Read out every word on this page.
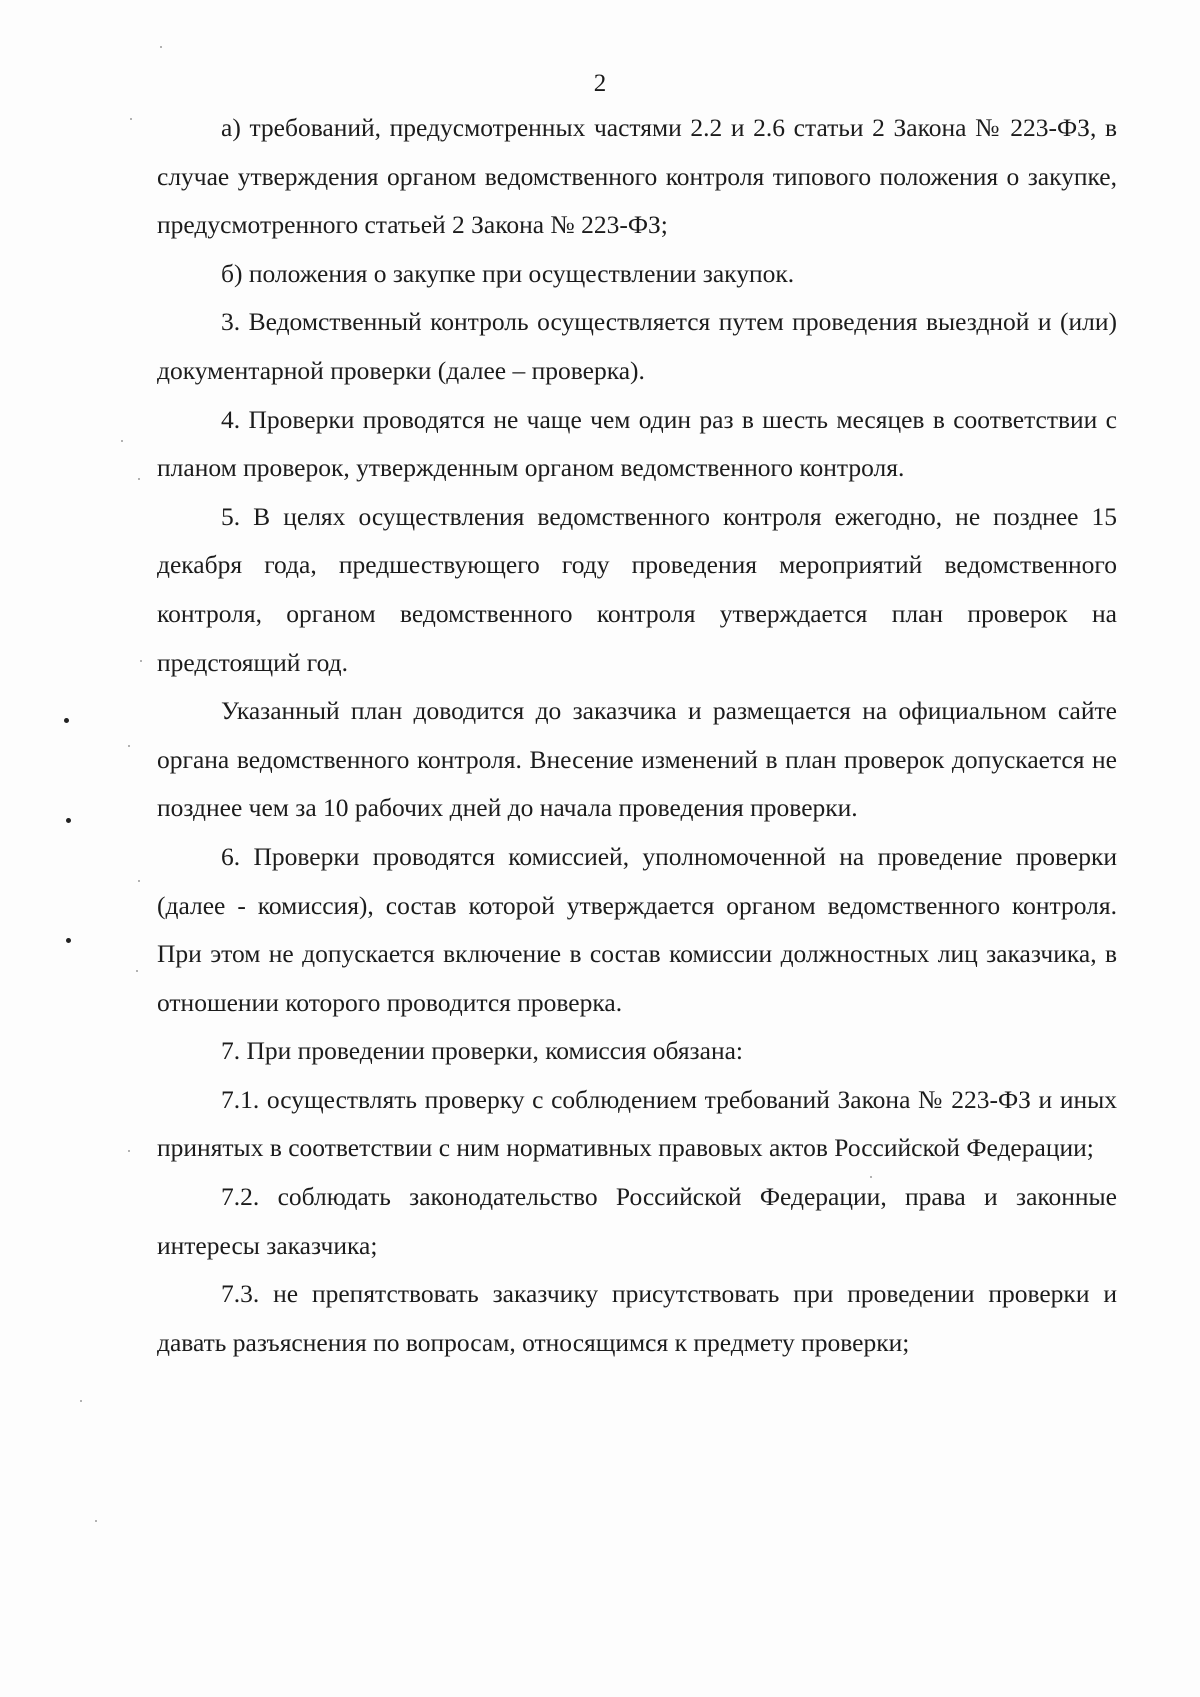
2

а) требований, предусмотренных частями 2.2 и 2.6 статьи 2 Закона № 223-ФЗ, в случае утверждения органом ведомственного контроля типового положения о закупке, предусмотренного статьей 2 Закона № 223-ФЗ;

б) положения о закупке при осуществлении закупок.

3. Ведомственный контроль осуществляется путем проведения выездной и (или) документарной проверки (далее – проверка).

4. Проверки проводятся не чаще чем один раз в шесть месяцев в соответствии с планом проверок, утвержденным органом ведомственного контроля.

5. В целях осуществления ведомственного контроля ежегодно, не позднее 15 декабря года, предшествующего году проведения мероприятий ведомственного контроля, органом ведомственного контроля утверждается план проверок на предстоящий год.

Указанный план доводится до заказчика и размещается на официальном сайте органа ведомственного контроля. Внесение изменений в план проверок допускается не позднее чем за 10 рабочих дней до начала проведения проверки.

6. Проверки проводятся комиссией, уполномоченной на проведение проверки (далее - комиссия), состав которой утверждается органом ведомственного контроля. При этом не допускается включение в состав комиссии должностных лиц заказчика, в отношении которого проводится проверка.

7. При проведении проверки, комиссия обязана:

7.1. осуществлять проверку с соблюдением требований Закона № 223-ФЗ и иных принятых в соответствии с ним нормативных правовых актов Российской Федерации;

7.2. соблюдать законодательство Российской Федерации, права и законные интересы заказчика;

7.3. не препятствовать заказчику присутствовать при проведении проверки и давать разъяснения по вопросам, относящимся к предмету проверки;
